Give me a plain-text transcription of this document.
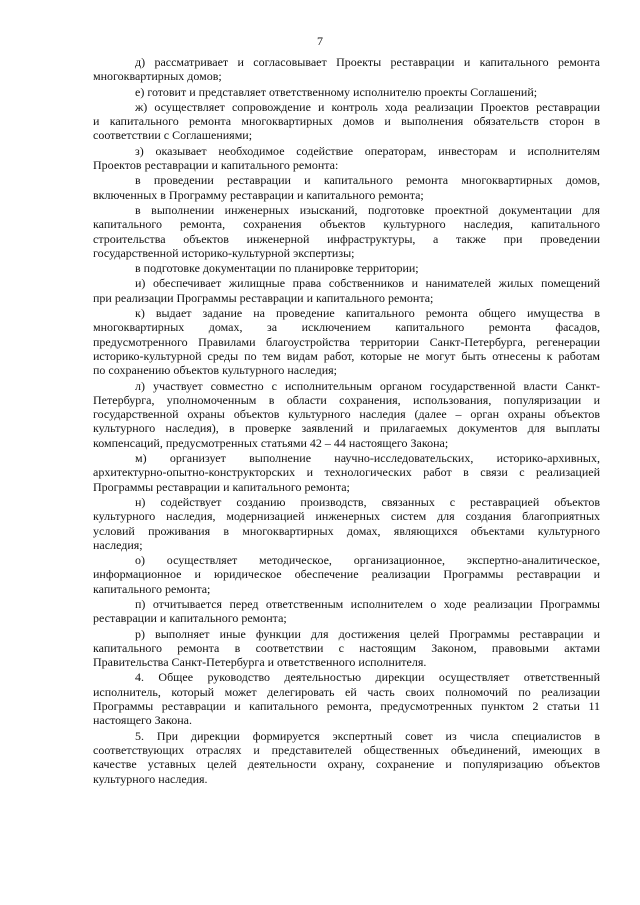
7
д) рассматривает и согласовывает Проекты реставрации и капитального ремонта
многоквартирных домов;
е) готовит и представляет ответственному исполнителю проекты Соглашений;
ж) осуществляет сопровождение и контроль хода реализации Проектов реставрации
и капитального ремонта многоквартирных домов и выполнения обязательств сторон в
соответствии с Соглашениями;
з) оказывает необходимое содействие операторам, инвесторам и исполнителям
Проектов реставрации и капитального ремонта:
в проведении реставрации и капитального ремонта многоквартирных домов,
включенных в Программу реставрации и капитального ремонта;
в выполнении инженерных изысканий, подготовке проектной документации для
капитального ремонта, сохранения объектов культурного наследия, капитального
строительства объектов инженерной инфраструктуры, а также при проведении
государственной историко-культурной экспертизы;
в подготовке документации по планировке территории;
и) обеспечивает жилищные права собственников и нанимателей жилых помещений
при реализации Программы реставрации и капитального ремонта;
к) выдает задание на проведение капитального ремонта общего имущества в
многоквартирных домах, за исключением капитального ремонта фасадов,
предусмотренного Правилами благоустройства территории Санкт-Петербурга, регенерации
историко-культурной среды по тем видам работ, которые не могут быть отнесены к работам
по сохранению объектов культурного наследия;
л) участвует совместно с исполнительным органом государственной власти Санкт-
Петербурга, уполномоченным в области сохранения, использования, популяризации и
государственной охраны объектов культурного наследия (далее – орган охраны объектов
культурного наследия), в проверке заявлений и прилагаемых документов для выплаты
компенсаций, предусмотренных статьями 42 – 44 настоящего Закона;
м) организует выполнение научно-исследовательских, историко-архивных,
архитектурно-опытно-конструкторских и технологических работ в связи с реализацией
Программы реставрации и капитального ремонта;
н) содействует созданию производств, связанных с реставрацией объектов
культурного наследия, модернизацией инженерных систем для создания благоприятных
условий проживания в многоквартирных домах, являющихся объектами культурного
наследия;
о) осуществляет методическое, организационное, экспертно-аналитическое,
информационное и юридическое обеспечение реализации Программы реставрации и
капитального ремонта;
п) отчитывается перед ответственным исполнителем о ходе реализации Программы
реставрации и капитального ремонта;
р) выполняет иные функции для достижения целей Программы реставрации и
капитального ремонта в соответствии с настоящим Законом, правовыми актами
Правительства Санкт-Петербурга и ответственного исполнителя.
4. Общее руководство деятельностью дирекции осуществляет ответственный
исполнитель, который может делегировать ей часть своих полномочий по реализации
Программы реставрации и капитального ремонта, предусмотренных пунктом 2 статьи 11
настоящего Закона.
5. При дирекции формируется экспертный совет из числа специалистов в
соответствующих отраслях и представителей общественных объединений, имеющих в
качестве уставных целей деятельности охрану, сохранение и популяризацию объектов
культурного наследия.
